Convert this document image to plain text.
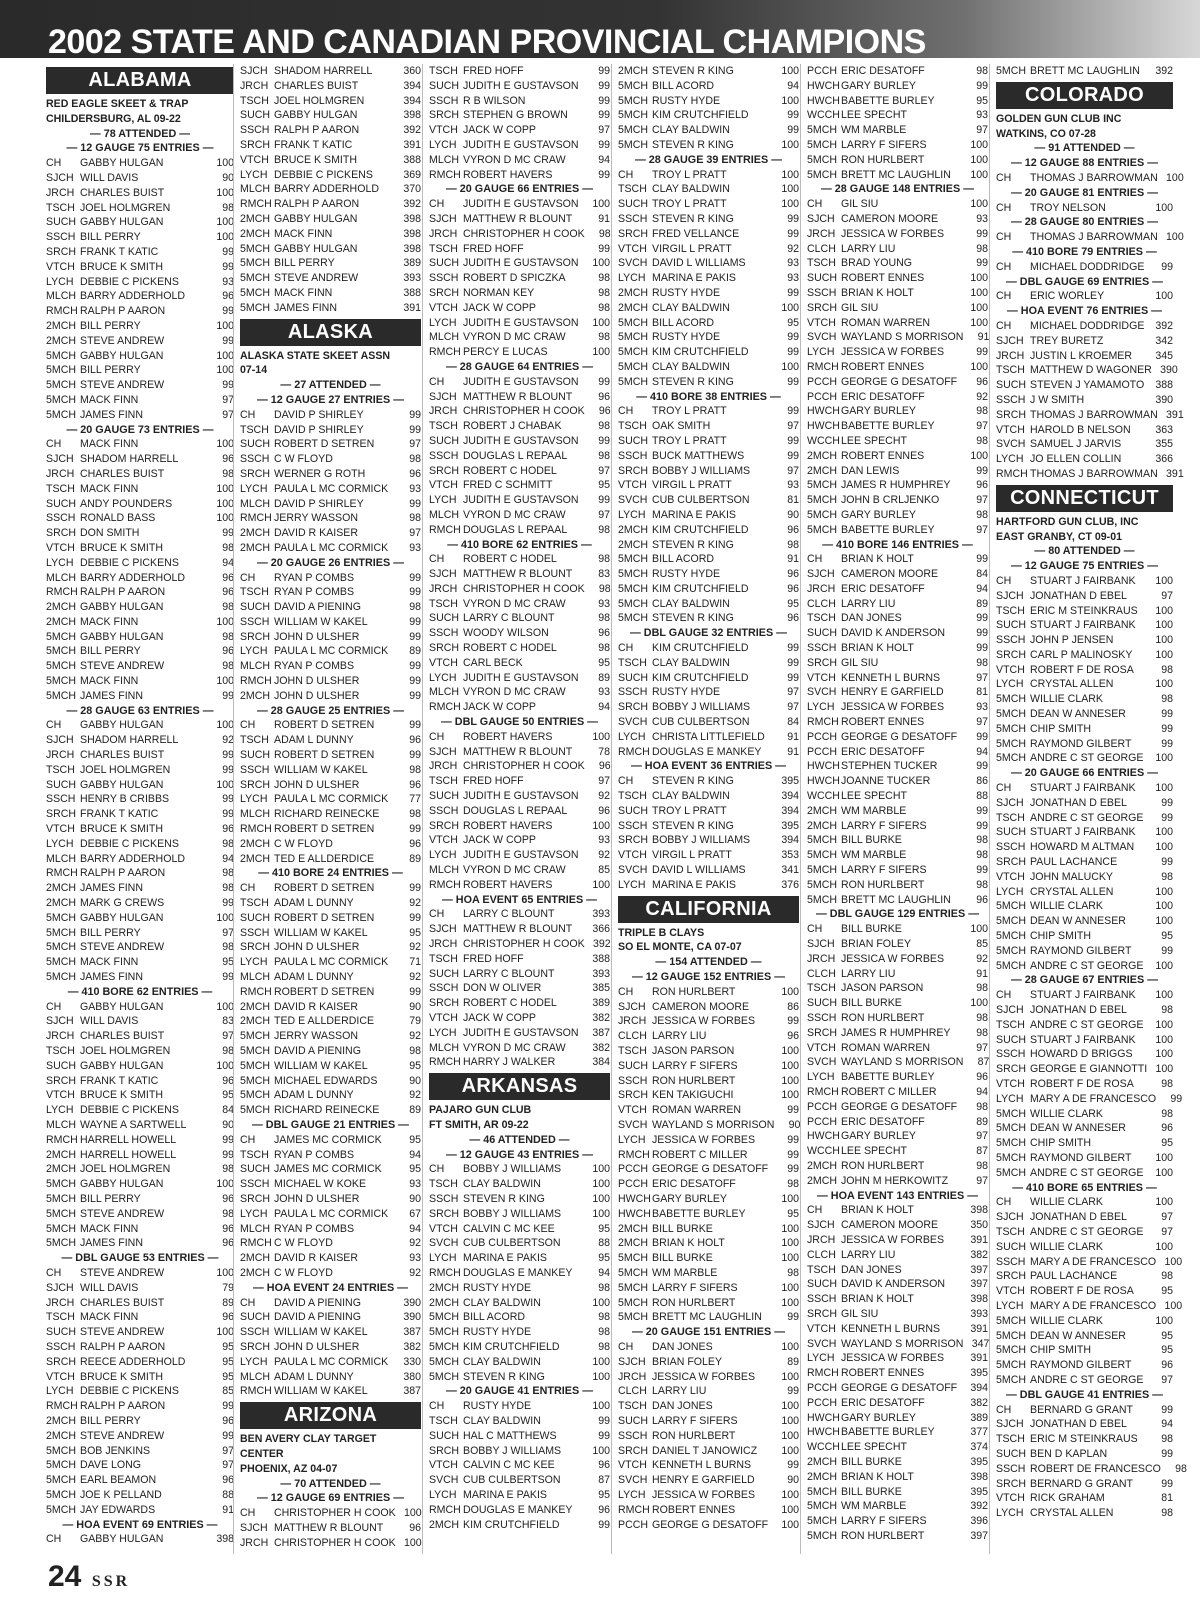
2002 STATE AND CANADIAN PROVINCIAL CHAMPIONS
ALABAMA
RED EAGLE SKEET & TRAP
CHILDERSBURG, AL 09-22
— 78 ATTENDED —
— 12 GAUGE 75 ENTRIES —
CH	GABBY HULGAN	100
SJCH WILL DAVIS	90
JRCH CHARLES BUIST	100
TSCH JOEL HOLMGREN	98
SUCH GABBY HULGAN	100
SSCH BILL PERRY	100
SRCH FRANK T KATIC	99
VTCH BRUCE K SMITH	99
LYCH DEBBIE C PICKENS	93
MLCH BARRY ADDERHOLD	96
RMCH RALPH P AARON	99
2MCH BILL PERRY	100
2MCH STEVE ANDREW	99
5MCH GABBY HULGAN	100
5MCH BILL PERRY	100
5MCH STEVE ANDREW	99
5MCH MACK FINN	97
5MCH JAMES FINN	97
— 20 GAUGE 73 ENTRIES —
CH	MACK FINN	100
SJCH SHADOM HARRELL	96
JRCH CHARLES BUIST	98
TSCH MACK FINN	100
SUCH ANDY POUNDERS	100
SSCH RONALD BASS	100
SRCH DON SMITH	99
VTCH BRUCE K SMITH	98
LYCH DEBBIE C PICKENS	94
MLCH BARRY ADDERHOLD	96
RMCH RALPH P AARON	96
2MCH GABBY HULGAN	98
2MCH MACK FINN	100
5MCH GABBY HULGAN	98
5MCH BILL PERRY	96
5MCH STEVE ANDREW	98
5MCH MACK FINN	100
5MCH JAMES FINN	99
— 28 GAUGE 63 ENTRIES —
CH	GABBY HULGAN	100
SJCH SHADOM HARRELL	92
JRCH CHARLES BUIST	99
TSCH JOEL HOLMGREN	99
SUCH GABBY HULGAN	100
SSCH HENRY B CRIBBS	99
SRCH FRANK T KATIC	99
VTCH BRUCE K SMITH	96
LYCH DEBBIE C PICKENS	98
MLCH BARRY ADDERHOLD	94
RMCH RALPH P AARON	98
2MCH JAMES FINN	98
2MCH MARK G CREWS	99
5MCH GABBY HULGAN	100
5MCH BILL PERRY	97
5MCH STEVE ANDREW	98
5MCH MACK FINN	95
5MCH JAMES FINN	99
— 410 BORE 62 ENTRIES —
CH	GABBY HULGAN	100
SJCH WILL DAVIS	83
JRCH CHARLES BUIST	97
TSCH JOEL HOLMGREN	98
SUCH GABBY HULGAN	100
SRCH FRANK T KATIC	96
VTCH BRUCE K SMITH	95
LYCH DEBBIE C PICKENS	84
MLCH WAYNE A SARTWELL	90
RMCH HARRELL HOWELL	99
2MCH HARRELL HOWELL	99
2MCH JOEL HOLMGREN	98
5MCH GABBY HULGAN	100
5MCH BILL PERRY	96
5MCH STEVE ANDREW	98
5MCH MACK FINN	96
5MCH JAMES FINN	96
— DBL GAUGE 53 ENTRIES —
CH	STEVE ANDREW	100
SJCH WILL DAVIS	79
JRCH CHARLES BUIST	89
TSCH MACK FINN	96
SUCH STEVE ANDREW	100
SSCH RALPH P AARON	95
SRCH REECE ADDERHOLD	95
VTCH BRUCE K SMITH	95
LYCH DEBBIE C PICKENS	85
RMCH RALPH P AARON	99
2MCH BILL PERRY	96
2MCH STEVE ANDREW	99
5MCH BOB JENKINS	97
5MCH DAVE LONG	97
5MCH EARL BEAMON	96
5MCH JOE K PELLAND	88
5MCH JAY EDWARDS	91
— HOA EVENT 69 ENTRIES —
CH	GABBY HULGAN	398
SJCH SHADOM HARRELL	360
JRCH CHARLES BUIST	394
TSCH JOEL HOLMGREN	394
SUCH GABBY HULGAN	398
SSCH RALPH P AARON	392
SRCH FRANK T KATIC	391
VTCH BRUCE K SMITH	388
LYCH DEBBIE C PICKENS	369
MLCH BARRY ADDERHOLD	370
RMCH RALPH P AARON	392
2MCH GABBY HULGAN	398
2MCH MACK FINN	398
5MCH GABBY HULGAN	398
5MCH BILL PERRY	389
5MCH STEVE ANDREW	393
5MCH MACK FINN	388
5MCH JAMES FINN	391
ALASKA
ALASKA STATE SKEET ASSN
07-14
— 27 ATTENDED —
— 12 GAUGE 27 ENTRIES —
CH	DAVID P SHIRLEY	99
TSCH DAVID P SHIRLEY	99
SUCH ROBERT D SETREN	97
SSCH C W FLOYD	98
SRCH WERNER G ROTH	96
LYCH PAULA L MC CORMICK	93
MLCH DAVID P SHIRLEY	99
RMCH JERRY WASSON	98
2MCH DAVID R KAISER	97
2MCH PAULA L MC CORMICK	93
— 20 GAUGE 26 ENTRIES —
CH	RYAN P COMBS	99
TSCH RYAN P COMBS	99
SUCH DAVID A PIENING	98
SSCH WILLIAM W KAKEL	99
SRCH JOHN D ULSHER	99
LYCH PAULA L MC CORMICK	89
MLCH RYAN P COMBS	99
RMCH JOHN D ULSHER	99
2MCH JOHN D ULSHER	99
— 28 GAUGE 25 ENTRIES —
CH	ROBERT D SETREN	99
TSCH ADAM L DUNNY	96
SUCH ROBERT D SETREN	99
SSCH WILLIAM W KAKEL	98
SRCH JOHN D ULSHER	96
LYCH PAULA L MC CORMICK	77
MLCH RICHARD REINECKE	98
RMCH ROBERT D SETREN	99
2MCH C W FLOYD	96
2MCH TED E ALLDERDICE	89
— 410 BORE 24 ENTRIES —
CH	ROBERT D SETREN	99
TSCH ADAM L DUNNY	92
SUCH ROBERT D SETREN	99
SSCH WILLIAM W KAKEL	95
SRCH JOHN D ULSHER	92
LYCH PAULA L MC CORMICK	71
MLCH ADAM L DUNNY	92
RMCH ROBERT D SETREN	99
2MCH DAVID R KAISER	90
2MCH TED E ALLDERDICE	79
5MCH JERRY WASSON	92
5MCH DAVID A PIENING	98
5MCH WILLIAM W KAKEL	95
5MCH MICHAEL EDWARDS	90
5MCH ADAM L DUNNY	92
5MCH RICHARD REINECKE	89
— DBL GAUGE 21 ENTRIES —
CH	JAMES MC CORMICK	95
TSCH RYAN P COMBS	94
SUCH JAMES MC CORMICK	95
SSCH MICHAEL W KOKE	93
SRCH JOHN D ULSHER	90
LYCH PAULA L MC CORMICK	67
MLCH RYAN P COMBS	94
RMCH C W FLOYD	92
2MCH DAVID R KAISER	93
2MCH C W FLOYD	92
— HOA EVENT 24 ENTRIES —
CH	DAVID A PIENING	390
SUCH DAVID A PIENING	390
SSCH WILLIAM W KAKEL	387
SRCH JOHN D ULSHER	382
LYCH PAULA L MC CORMICK	330
MLCH ADAM L DUNNY	380
RMCH WILLIAM W KAKEL	387
ARIZONA
BEN AVERY CLAY TARGET CENTER
PHOENIX, AZ 04-07
— 70 ATTENDED —
— 12 GAUGE 69 ENTRIES —
CH	CHRISTOPHER H COOK 100
SJCH MATTHEW R BLOUNT	96
JRCH CHRISTOPHER H COOK 100
TSCH FRED HOFF	99
SUCH JUDITH E GUSTAVSON	99
SSCH R B WILSON	99
SRCH STEPHEN G BROWN	99
VTCH JACK W COPP	97
LYCH JUDITH E GUSTAVSON	99
MLCH VYRON D MC CRAW	94
RMCH ROBERT HAVERS	99
— 20 GAUGE 66 ENTRIES —
CH	JUDITH E GUSTAVSON	100
SJCH MATTHEW R BLOUNT	91
JRCH CHRISTOPHER H COOK	98
TSCH FRED HOFF	99
SUCH JUDITH E GUSTAVSON	100
SSCH ROBERT D SPICZKA	98
SRCH NORMAN KEY	98
VTCH JACK W COPP	98
LYCH JUDITH E GUSTAVSON	100
MLCH VYRON D MC CRAW	98
RMCH PERCY E LUCAS	100
— 28 GAUGE 64 ENTRIES —
CH	JUDITH E GUSTAVSON	99
SJCH MATTHEW R BLOUNT	96
JRCH CHRISTOPHER H COOK	96
TSCH ROBERT J CHABAK	98
SUCH JUDITH E GUSTAVSON	99
SSCH DOUGLAS L REPAAL	98
SRCH ROBERT C HODEL	97
VTCH FRED C SCHMITT	95
LYCH JUDITH E GUSTAVSON	99
MLCH VYRON D MC CRAW	97
RMCH DOUGLAS L REPAAL	98
— 410 BORE 62 ENTRIES —
CH	ROBERT C HODEL	98
SJCH MATTHEW R BLOUNT	83
JRCH CHRISTOPHER H COOK	98
TSCH VYRON D MC CRAW	93
SUCH LARRY C BLOUNT	98
SSCH WOODY WILSON	96
SRCH ROBERT C HODEL	98
VTCH CARL BECK	95
LYCH JUDITH E GUSTAVSON	89
MLCH VYRON D MC CRAW	93
RMCH JACK W COPP	94
— DBL GAUGE 50 ENTRIES —
CH	ROBERT HAVERS	100
SJCH MATTHEW R BLOUNT	78
JRCH CHRISTOPHER H COOK	96
TSCH FRED HOFF	97
SUCH JUDITH E GUSTAVSON	92
SSCH DOUGLAS L REPAAL	96
SRCH ROBERT HAVERS	100
VTCH JACK W COPP	93
LYCH JUDITH E GUSTAVSON	92
MLCH VYRON D MC CRAW	85
RMCH ROBERT HAVERS	100
— HOA EVENT 65 ENTRIES —
CH	LARRY C BLOUNT	393
SJCH MATTHEW R BLOUNT	366
JRCH CHRISTOPHER H COOK 392
TSCH FRED HOFF	388
SUCH LARRY C BLOUNT	393
SSCH DON W OLIVER	385
SRCH ROBERT C HODEL	389
VTCH JACK W COPP	382
LYCH JUDITH E GUSTAVSON	387
MLCH VYRON D MC CRAW	382
RMCH HARRY J WALKER	384
ARKANSAS
PAJARO GUN CLUB
FT SMITH, AR 09-22
— 46 ATTENDED —
— 12 GAUGE 43 ENTRIES —
CH	BOBBY J WILLIAMS	100
TSCH CLAY BALDWIN	100
SSCH STEVEN R KING	100
SRCH BOBBY J WILLIAMS	100
VTCH CALVIN C MC KEE	95
SVCH CUB CULBERTSON	88
LYCH MARINA E PAKIS	95
RMCH DOUGLAS E MANKEY	94
2MCH RUSTY HYDE	98
2MCH CLAY BALDWIN	100
5MCH BILL ACORD	98
5MCH RUSTY HYDE	98
5MCH KIM CRUTCHFIELD	98
5MCH CLAY BALDWIN	100
5MCH STEVEN R KING	100
— 20 GAUGE 41 ENTRIES —
CH	RUSTY HYDE	100
TSCH CLAY BALDWIN	99
SUCH HAL C MATTHEWS	99
SRCH BOBBY J WILLIAMS	100
VTCH CALVIN C MC KEE	96
SVCH CUB CULBERTSON	87
LYCH MARINA E PAKIS	95
RMCH DOUGLAS E MANKEY	96
2MCH KIM CRUTCHFIELD	99
2MCH STEVEN R KING	100
5MCH BILL ACORD	94
5MCH RUSTY HYDE	100
5MCH KIM CRUTCHFIELD	99
5MCH CLAY BALDWIN	99
5MCH STEVEN R KING	100
— 28 GAUGE 39 ENTRIES —
CH	TROY L PRATT	100
TSCH CLAY BALDWIN	100
SUCH TROY L PRATT	100
SSCH STEVEN R KING	99
SRCH FRED VELLANCE	99
VTCH VIRGIL L PRATT	92
SVCH DAVID L WILLIAMS	93
LYCH MARINA E PAKIS	93
2MCH RUSTY HYDE	99
2MCH CLAY BALDWIN	100
5MCH BILL ACORD	95
5MCH RUSTY HYDE	99
5MCH KIM CRUTCHFIELD	99
5MCH CLAY BALDWIN	100
5MCH STEVEN R KING	99
— 410 BORE 38 ENTRIES —
CH	TROY L PRATT	99
TSCH OAK SMITH	97
SUCH TROY L PRATT	99
SSCH BUCK MATTHEWS	99
SRCH BOBBY J WILLIAMS	97
VTCH VIRGIL L PRATT	93
SVCH CUB CULBERTSON	81
LYCH MARINA E PAKIS	90
2MCH KIM CRUTCHFIELD	96
2MCH STEVEN R KING	98
5MCH BILL ACORD	91
5MCH RUSTY HYDE	96
5MCH KIM CRUTCHFIELD	96
5MCH CLAY BALDWIN	95
5MCH STEVEN R KING	96
— DBL GAUGE 32 ENTRIES —
CH	KIM CRUTCHFIELD	99
TSCH CLAY BALDWIN	99
SUCH KIM CRUTCHFIELD	99
SSCH RUSTY HYDE	97
SRCH BOBBY J WILLIAMS	97
SVCH CUB CULBERTSON	84
LYCH CHRISTA LITTLEFIELD	91
RMCH DOUGLAS E MANKEY	91
— HOA EVENT 36 ENTRIES —
CH	STEVEN R KING	395
TSCH CLAY BALDWIN	394
SUCH TROY L PRATT	394
SSCH STEVEN R KING	395
SRCH BOBBY J WILLIAMS	394
VTCH VIRGIL L PRATT	353
SVCH DAVID L WILLIAMS	341
LYCH MARINA E PAKIS	376
CALIFORNIA
TRIPLE B CLAYS
SO EL MONTE, CA 07-07
— 154 ATTENDED —
— 12 GAUGE 152 ENTRIES —
CH	RON HURLBERT	100
SJCH CAMERON MOORE	86
JRCH JESSICA W FORBES	99
CLCH LARRY LIU	96
TSCH JASON PARSON	100
SUCH LARRY F SIFERS	100
SSCH RON HURLBERT	100
SRCH KEN TAKIGUCHI	100
VTCH ROMAN WARREN	99
SVCH WAYLAND S MORRISON	90
LYCH JESSICA W FORBES	99
RMCH ROBERT C MILLER	99
PCCH GEORGE G DESATOFF	99
PCCH ERIC DESATOFF	98
HWCH GARY BURLEY	100
HWCH BABETTE BURLEY	95
2MCH BILL BURKE	100
2MCH BRIAN K HOLT	100
5MCH BILL BURKE	100
5MCH WM MARBLE	98
5MCH LARRY F SIFERS	100
5MCH RON HURLBERT	100
5MCH BRETT MC LAUGHLIN	99
— 20 GAUGE 151 ENTRIES —
CH	DAN JONES	100
SJCH BRIAN FOLEY	89
JRCH JESSICA W FORBES	100
CLCH LARRY LIU	99
TSCH DAN JONES	100
SUCH LARRY F SIFERS	100
SSCH RON HURLBERT	100
SRCH DANIEL T JANOWICZ	100
VTCH KENNETH L BURNS	99
SVCH HENRY E GARFIELD	90
LYCH JESSICA W FORBES	100
RMCH ROBERT ENNES	100
PCCH GEORGE G DESATOFF	100
PCCH ERIC DESATOFF	98
HWCH GARY BURLEY	99
HWCH BABETTE BURLEY	95
WCCH LEE SPECHT	93
5MCH WM MARBLE	97
5MCH LARRY F SIFERS	100
5MCH RON HURLBERT	100
5MCH BRETT MC LAUGHLIN	100
— 28 GAUGE 148 ENTRIES —
CH	GIL SIU	100
SJCH CAMERON MOORE	93
JRCH JESSICA W FORBES	99
CLCH LARRY LIU	98
TSCH BRAD YOUNG	99
SUCH ROBERT ENNES	100
SSCH BRIAN K HOLT	100
SRCH GIL SIU	100
VTCH ROMAN WARREN	100
SVCH WAYLAND S MORRISON	91
LYCH JESSICA W FORBES	99
RMCH ROBERT ENNES	100
PCCH GEORGE G DESATOFF	96
PCCH ERIC DESATOFF	92
HWCH GARY BURLEY	98
HWCH BABETTE BURLEY	97
WCCH LEE SPECHT	98
2MCH ROBERT ENNES	100
2MCH DAN LEWIS	99
5MCH JAMES R HUMPHREY	96
5MCH JOHN B CRLJENKO	97
5MCH GARY BURLEY	98
5MCH BABETTE BURLEY	97
— 410 BORE 146 ENTRIES —
CH	BRIAN K HOLT	99
SJCH CAMERON MOORE	84
JRCH ERIC DESATOFF	94
CLCH LARRY LIU	89
TSCH DAN JONES	99
SUCH DAVID K ANDERSON	99
SSCH BRIAN K HOLT	99
SRCH GIL SIU	98
VTCH KENNETH L BURNS	97
SVCH HENRY E GARFIELD	81
LYCH JESSICA W FORBES	93
RMCH ROBERT ENNES	97
PCCH GEORGE G DESATOFF	99
PCCH ERIC DESATOFF	94
HWCH STEPHEN TUCKER	99
HWCH JOANNE TUCKER	86
WCCH LEE SPECHT	88
2MCH WM MARBLE	99
2MCH LARRY F SIFERS	99
5MCH BILL BURKE	98
5MCH WM MARBLE	98
5MCH LARRY F SIFERS	99
5MCH RON HURLBERT	98
5MCH BRETT MC LAUGHLIN	96
— DBL GAUGE 129 ENTRIES —
CH	BILL BURKE	100
SJCH BRIAN FOLEY	85
JRCH JESSICA W FORBES	92
CLCH LARRY LIU	91
TSCH JASON PARSON	98
SUCH BILL BURKE	100
SSCH RON HURLBERT	98
SRCH JAMES R HUMPHREY	98
VTCH ROMAN WARREN	97
SVCH WAYLAND S MORRISON	87
LYCH BABETTE BURLEY	96
RMCH ROBERT C MILLER	94
PCCH GEORGE G DESATOFF	98
PCCH ERIC DESATOFF	89
HWCH GARY BURLEY	97
WCCH LEE SPECHT	87
2MCH RON HURLBERT	98
2MCH JOHN M HERKOWITZ	97
— HOA EVENT 143 ENTRIES —
CH	BRIAN K HOLT	398
SJCH CAMERON MOORE	350
JRCH JESSICA W FORBES	391
CLCH LARRY LIU	382
TSCH DAN JONES	397
SUCH DAVID K ANDERSON	397
SSCH BRIAN K HOLT	398
SRCH GIL SIU	393
VTCH KENNETH L BURNS	391
SVCH WAYLAND S MORRISON 347
LYCH JESSICA W FORBES	391
RMCH ROBERT ENNES	395
PCCH GEORGE G DESATOFF	394
PCCH ERIC DESATOFF	382
HWCH GARY BURLEY	389
HWCH BABETTE BURLEY	377
WCCH LEE SPECHT	374
2MCH BILL BURKE	395
2MCH BRIAN K HOLT	398
5MCH BILL BURKE	395
5MCH WM MARBLE	392
5MCH LARRY F SIFERS	396
5MCH RON HURLBERT	397
5MCH BRETT MC LAUGHLIN	392
COLORADO
GOLDEN GUN CLUB INC
WATKINS, CO 07-28
— 91 ATTENDED —
— 12 GAUGE 88 ENTRIES —
CH	THOMAS J BARROWMAN 100
— 20 GAUGE 81 ENTRIES —
CH	TROY NELSON	100
— 28 GAUGE 80 ENTRIES —
CH	THOMAS J BARROWMAN 100
— 410 BORE 79 ENTRIES —
CH	MICHAEL DODDRIDGE	99
— DBL GAUGE 69 ENTRIES —
CH	ERIC WORLEY	100
— HOA EVENT 76 ENTRIES —
CH	MICHAEL DODDRIDGE	392
SJCH TREY BURETZ	342
JRCH JUSTIN L KROEMER	345
TSCH MATTHEW D WAGONER 390
SUCH STEVEN J YAMAMOTO	388
SSCH J W SMITH	390
SRCH THOMAS J BARROWMAN 391
VTCH HAROLD B NELSON	363
SVCH SAMUEL J JARVIS	355
LYCH JO ELLEN COLLIN	366
RMCH THOMAS J BARROWMAN 391
CONNECTICUT
HARTFORD GUN CLUB, INC
EAST GRANBY, CT 09-01
— 80 ATTENDED —
— 12 GAUGE 75 ENTRIES —
CH	STUART J FAIRBANK	100
SJCH JONATHAN D EBEL	97
TSCH ERIC M STEINKRAUS	100
SUCH STUART J FAIRBANK	100
SSCH JOHN P JENSEN	100
SRCH CARL P MALINOSKY	100
VTCH ROBERT F DE ROSA	98
LYCH CRYSTAL ALLEN	100
5MCH WILLIE CLARK	98
5MCH DEAN W ANNESER	99
5MCH CHIP SMITH	99
5MCH RAYMOND GILBERT	99
5MCH ANDRE C ST GEORGE	100
— 20 GAUGE 66 ENTRIES —
CH	STUART J FAIRBANK	100
SJCH JONATHAN D EBEL	99
TSCH ANDRE C ST GEORGE	99
SUCH STUART J FAIRBANK	100
SSCH HOWARD M ALTMAN	100
SRCH PAUL LACHANCE	99
VTCH JOHN MALUCKY	98
LYCH CRYSTAL ALLEN	100
5MCH WILLIE CLARK	100
5MCH DEAN W ANNESER	100
5MCH CHIP SMITH	95
5MCH RAYMOND GILBERT	99
5MCH ANDRE C ST GEORGE	100
— 28 GAUGE 67 ENTRIES —
CH	STUART J FAIRBANK	100
SJCH JONATHAN D EBEL	98
TSCH ANDRE C ST GEORGE	100
SUCH STUART J FAIRBANK	100
SSCH HOWARD D BRIGGS	100
SRCH GEORGE E GIANNOTTI 100
VTCH ROBERT F DE ROSA	98
LYCH MARY A DE FRANCESCO	99
5MCH WILLIE CLARK	98
5MCH DEAN W ANNESER	96
5MCH CHIP SMITH	95
5MCH RAYMOND GILBERT	100
5MCH ANDRE C ST GEORGE	100
— 410 BORE 65 ENTRIES —
CH	WILLIE CLARK	100
SJCH JONATHAN D EBEL	97
TSCH ANDRE C ST GEORGE	97
SUCH WILLIE CLARK	100
SSCH MARY A DE FRANCESCO 100
SRCH PAUL LACHANCE	98
VTCH ROBERT F DE ROSA	95
LYCH MARY A DE FRANCESCO 100
5MCH WILLIE CLARK	100
5MCH DEAN W ANNESER	95
5MCH CHIP SMITH	95
5MCH RAYMOND GILBERT	96
5MCH ANDRE C ST GEORGE	97
— DBL GAUGE 41 ENTRIES —
CH	BERNARD G GRANT	99
SJCH JONATHAN D EBEL	94
TSCH ERIC M STEINKRAUS	98
SUCH BEN D KAPLAN	99
SSCH ROBERT DE FRANCESCO	98
SRCH BERNARD G GRANT	99
VTCH RICK GRAHAM	81
LYCH CRYSTAL ALLEN	98
24 SSR
